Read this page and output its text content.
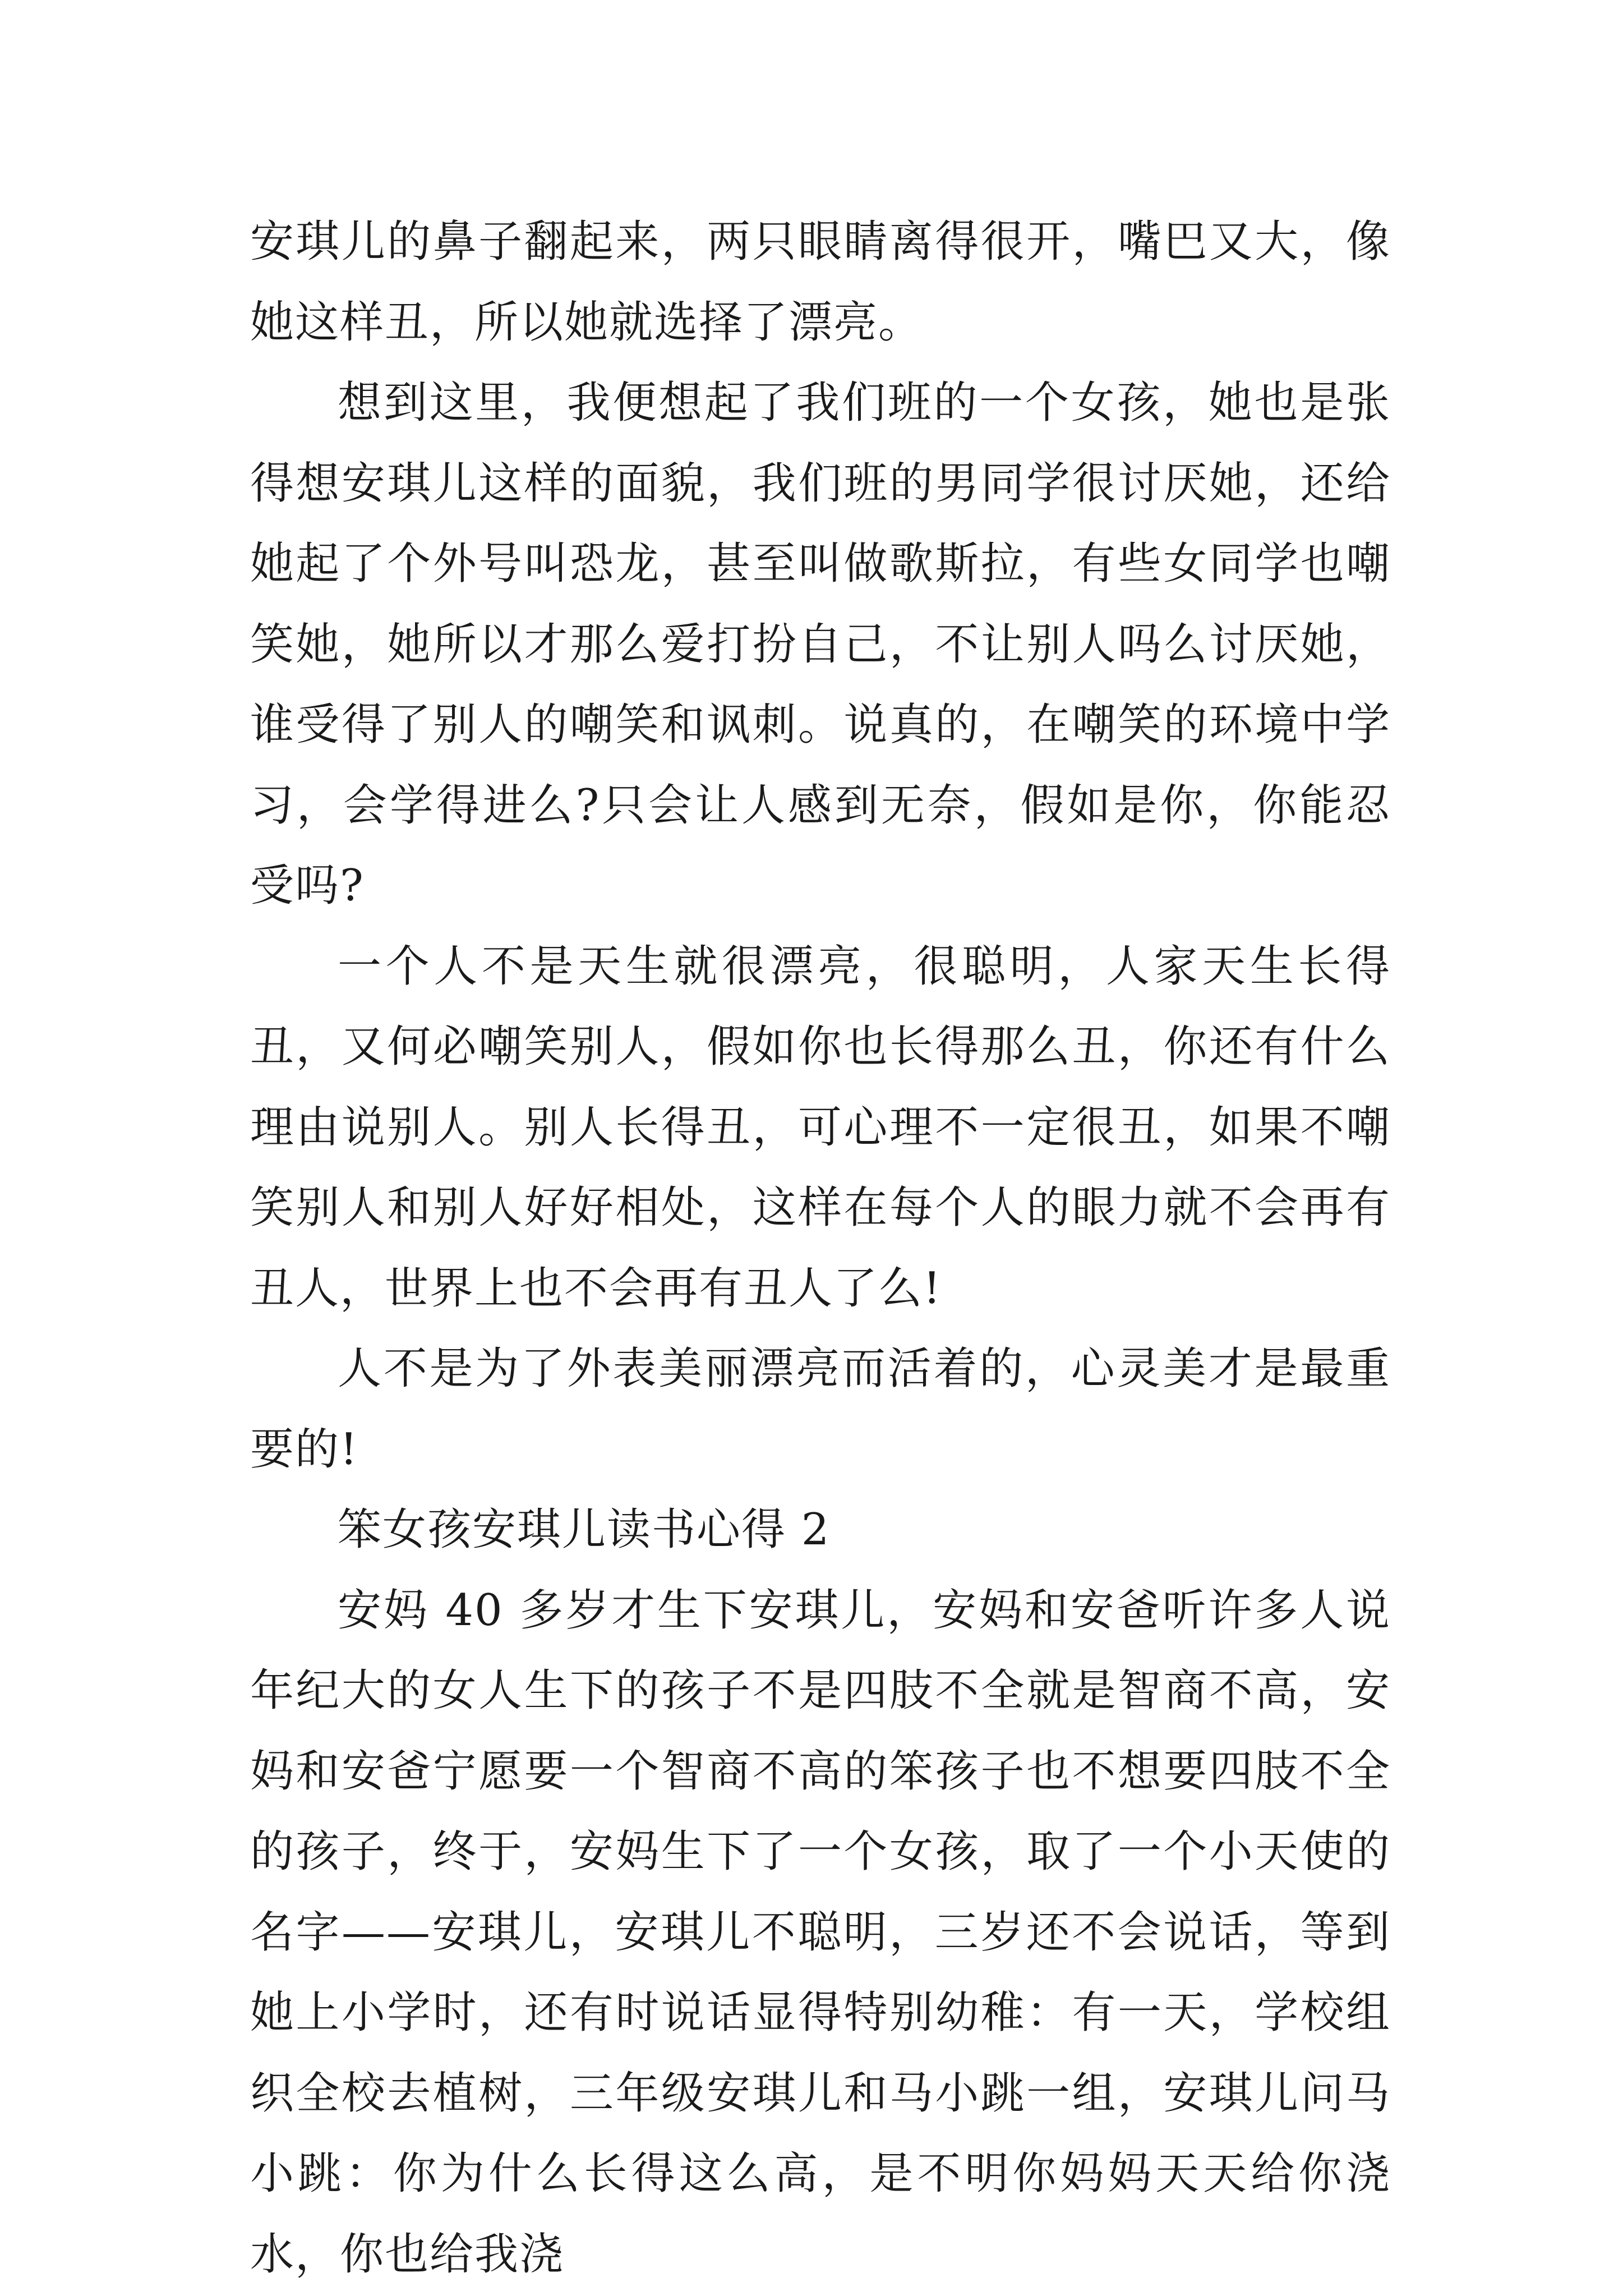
安琪儿的鼻子翻起来，两只眼睛离得很开，嘴巴又大，像她这样丑，所以她就选择了漂亮。

想到这里，我便想起了我们班的一个女孩，她也是张得想安琪儿这样的面貌，我们班的男同学很讨厌她，还给她起了个外号叫恐龙，甚至叫做歌斯拉，有些女同学也嘲笑她，她所以才那么爱打扮自己，不让别人吗么讨厌她，谁受得了别人的嘲笑和讽刺。说真的，在嘲笑的环境中学习，会学得进么?只会让人感到无奈，假如是你，你能忍受吗?

一个人不是天生就很漂亮，很聪明，人家天生长得丑，又何必嘲笑别人，假如你也长得那么丑，你还有什么理由说别人。别人长得丑，可心理不一定很丑，如果不嘲笑别人和别人好好相处，这样在每个人的眼力就不会再有丑人，世界上也不会再有丑人了么!

人不是为了外表美丽漂亮而活着的，心灵美才是最重要的!

笨女孩安琪儿读书心得 2

安妈 40 多岁才生下安琪儿，安妈和安爸听许多人说年纪大的女人生下的孩子不是四肢不全就是智商不高，安妈和安爸宁愿要一个智商不高的笨孩子也不想要四肢不全的孩子，终于，安妈生下了一个女孩，取了一个小天使的名字——安琪儿，安琪儿不聪明，三岁还不会说话，等到她上小学时，还有时说话显得特别幼稚：有一天，学校组织全校去植树，三年级安琪儿和马小跳一组，安琪儿问马小跳：你为什么长得这么高，是不明你妈妈天天给你浇水，你也给我浇
